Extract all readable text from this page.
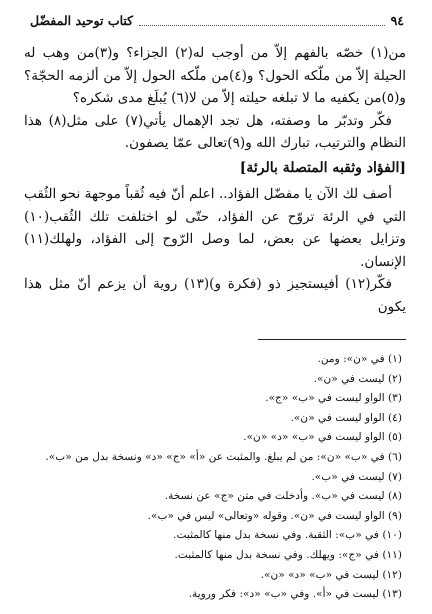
كتاب توحيد المفضّل	٩٤

من(١) خصّه بالفهم إلاّ من أوجب له(٢) الجزاء؟ و(٣)من وهب له الحيلة إلاّ من ملّكه الحول؟ و(٤)من ملّكه الحول إلاّ من ألزمه الحجّة؟ و(٥)من يكفيه ما لا تبلغه حيلته إلاّ من لا(٦) يُبلَغ مدى شكره؟

فكّر وتدبّر ما وصفته، هل تجد الإهمال يأتي(٧) على مثل(٨) هذا النظام والترتيب، تبارك الله و(٩)تعالى عمّا يصفون.

[الفؤاد وثقبه المتصلة بالرئة]

أصف لك الآن يا مفضّل الفؤاد.. اعلم أنّ فيه ثُقباً موجهة نحو الثُقب التي في الرئة تروّح عن الفؤاد، حتّى لو اختلفت تلك الثُقب(١٠) وتزايل بعضها عن بعض، لما وصل الرّوح إلى الفؤاد، ولهلك(١١) الإنسان.

فكّر(١٢) أفيستجيز ذو (فكرة و)(١٣) روية أن يزعم أنّ مثل هذا يكون

(١) في «ن»: ومن.
(٢) ليست في «ن».
(٣) الواو ليست في «ب» «ج».
(٤) الواو ليست في «ن».
(٥) الواو ليست في «ب» «د» «ن».
(٦) في «ب» «ن»: من لم يبلغ. والمثبت عن «أ» «ج» «د» ونسخة بدل من «ب».
(٧) ليست في «ب».
(٨) ليست في «ب». وأدخلت في متن «ج» عن نسخة.
(٩) الواو ليست في «ن». وقوله «وتعالى» ليس في «ب».
(١٠) في «ب»: الثقبة. وفي نسخة بدل منها كالمثبت.
(١١) في «ج»: ويهلك. وفي نسخة بدل منها كالمثبت.
(١٢) ليست في «ب» «د» «ن».
(١٣) ليست في «أ». وفي «ب» «د»: فكر وروية.
